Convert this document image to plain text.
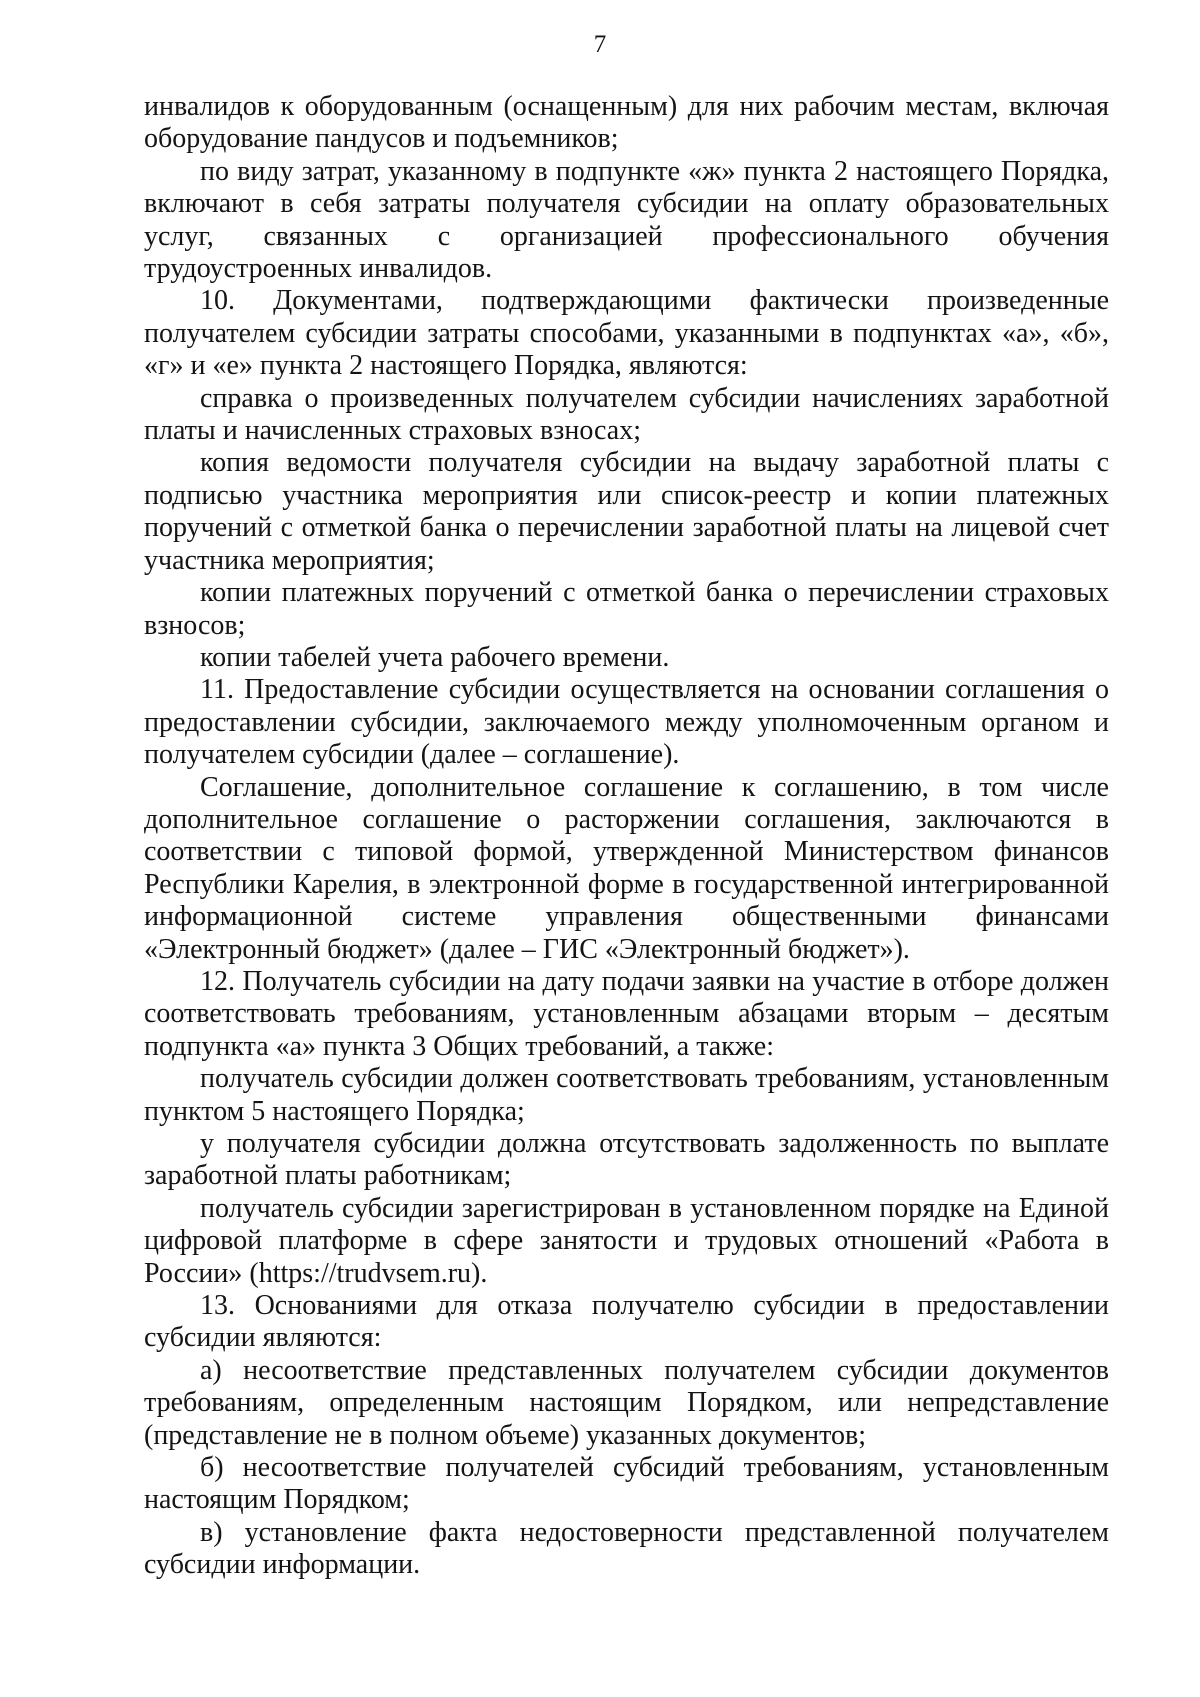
7

инвалидов к оборудованным (оснащенным) для них рабочим местам, включая оборудование пандусов и подъемников;

по виду затрат, указанному в подпункте «ж» пункта 2 настоящего Порядка, включают в себя затраты получателя субсидии на оплату образовательных услуг, связанных с организацией профессионального обучения трудоустроенных инвалидов.

10. Документами, подтверждающими фактически произведенные получателем субсидии затраты способами, указанными в подпунктах «а», «б», «г» и «е» пункта 2 настоящего Порядка, являются:

справка о произведенных получателем субсидии начислениях заработной платы и начисленных страховых взносах;

копия ведомости получателя субсидии на выдачу заработной платы с подписью участника мероприятия или список-реестр и копии платежных поручений с отметкой банка о перечислении заработной платы на лицевой счет участника мероприятия;

копии платежных поручений с отметкой банка о перечислении страховых взносов;

копии табелей учета рабочего времени.

11. Предоставление субсидии осуществляется на основании соглашения о предоставлении субсидии, заключаемого между уполномоченным органом и получателем субсидии (далее – соглашение).

Соглашение, дополнительное соглашение к соглашению, в том числе дополнительное соглашение о расторжении соглашения, заключаются в соответствии с типовой формой, утвержденной Министерством финансов Республики Карелия, в электронной форме в государственной интегрированной информационной системе управления общественными финансами «Электронный бюджет» (далее – ГИС «Электронный бюджет»).

12. Получатель субсидии на дату подачи заявки на участие в отборе должен соответствовать требованиям, установленным абзацами вторым – десятым подпункта «а» пункта 3 Общих требований, а также:

получатель субсидии должен соответствовать требованиям, установленным пунктом 5 настоящего Порядка;

у получателя субсидии должна отсутствовать задолженность по выплате заработной платы работникам;

получатель субсидии зарегистрирован в установленном порядке на Единой цифровой платформе в сфере занятости и трудовых отношений «Работа в России» (https://trudvsem.ru).

13. Основаниями для отказа получателю субсидии в предоставлении субсидии являются:

а) несоответствие представленных получателем субсидии документов требованиям, определенным настоящим Порядком, или непредставление (представление не в полном объеме) указанных документов;

б) несоответствие получателей субсидий требованиям, установленным настоящим Порядком;

в) установление факта недостоверности представленной получателем субсидии информации.
